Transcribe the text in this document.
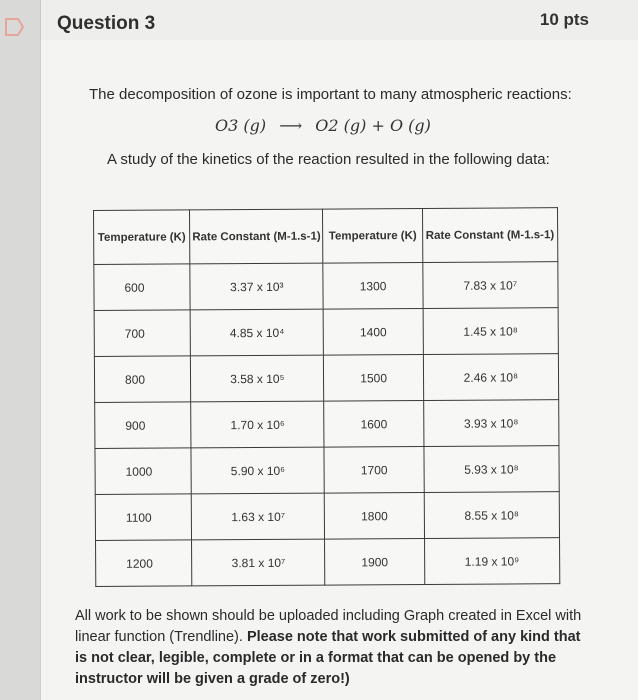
Question 3	10 pts
The decomposition of ozone is important to many atmospheric reactions:
O3 (g) ⟶ O2 (g) + O (g)
A study of the kinetics of the reaction resulted in the following data:
Temperature (K)	Rate Constant (M-1.s-1)	Temperature (K)	Rate Constant (M-1.s-1)
600	3.37 x 10³	1300	7.83 x 10⁷
700	4.85 x 10⁴	1400	1.45 x 10⁸
800	3.58 x 10⁵	1500	2.46 x 10⁸
900	1.70 x 10⁶	1600	3.93 x 10⁸
1000	5.90 x 10⁶	1700	5.93 x 10⁸
1100	1.63 x 10⁷	1800	8.55 x 10⁸
1200	3.81 x 10⁷	1900	1.19 x 10⁹
All work to be shown should be uploaded including Graph created in Excel with linear function (Trendline). Please note that work submitted of any kind that is not clear, legible, complete or in a format that can be opened by the instructor will be given a grade of zero!)
